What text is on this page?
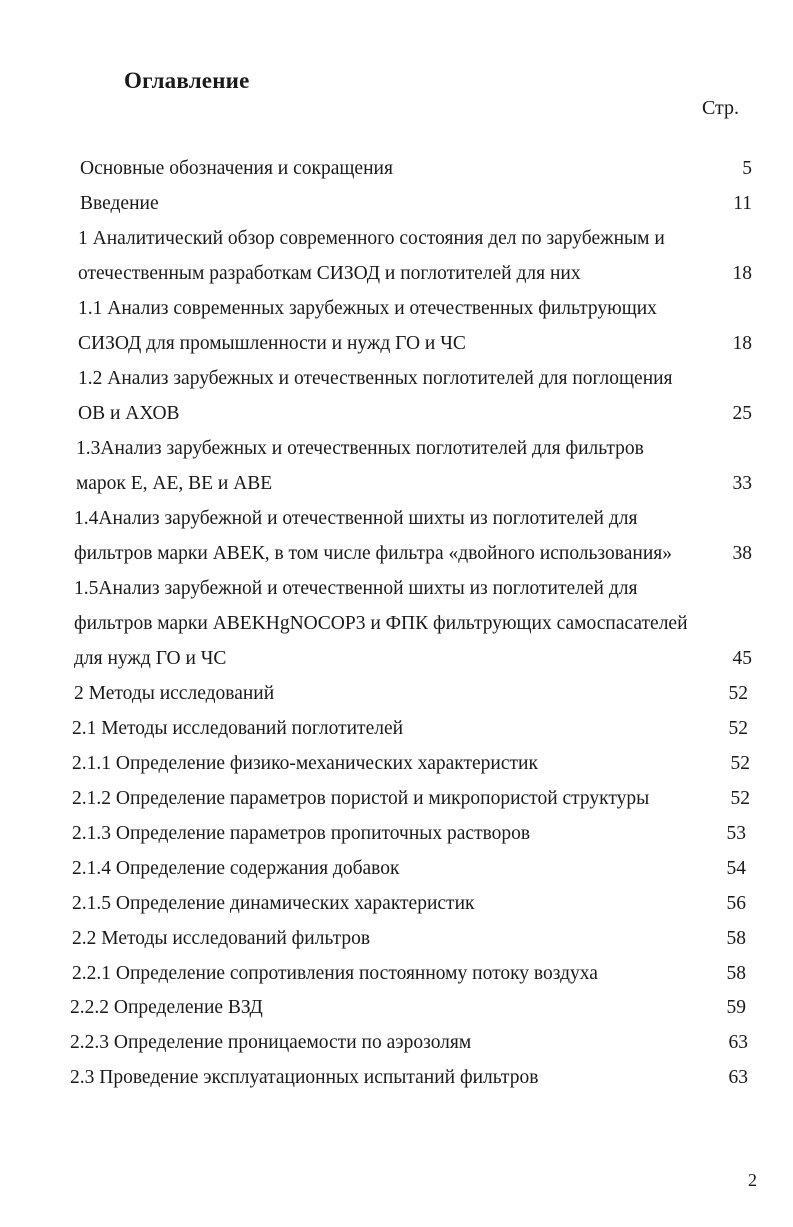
Оглавление
Стр.
Основные обозначения и сокращения	5
Введение	11
1 Аналитический обзор современного состояния дел по зарубежным и
отечественным разработкам СИЗОД и поглотителей для них	18
1.1 Анализ современных зарубежных и отечественных фильтрующих
СИЗОД для промышленности и нужд ГО и ЧС	18
1.2 Анализ зарубежных и отечественных поглотителей для поглощения
ОВ и АХОВ	25
1.3Анализ зарубежных и отечественных поглотителей для фильтров
марок Е, АЕ, ВЕ и АВЕ	33
1.4Анализ зарубежной и отечественной шихты из поглотителей для
фильтров марки АВЕК, в том числе фильтра «двойного использования»	38
1.5Анализ зарубежной и отечественной шихты из поглотителей для
фильтров марки ABEKHgNOCOP3 и ФПК фильтрующих самоспасателей
для нужд ГО и ЧС	45
2 Методы исследований	52
2.1 Методы исследований поглотителей	52
2.1.1 Определение физико-механических характеристик	52
2.1.2 Определение параметров пористой и микропористой структуры	52
2.1.3 Определение параметров пропиточных растворов	53
2.1.4 Определение содержания добавок	54
2.1.5 Определение динамических характеристик	56
2.2 Методы исследований фильтров	58
2.2.1 Определение сопротивления постоянному потоку воздуха	58
2.2.2 Определение ВЗД	59
2.2.3 Определение проницаемости по аэрозолям	63
2.3 Проведение эксплуатационных испытаний фильтров	63
2
